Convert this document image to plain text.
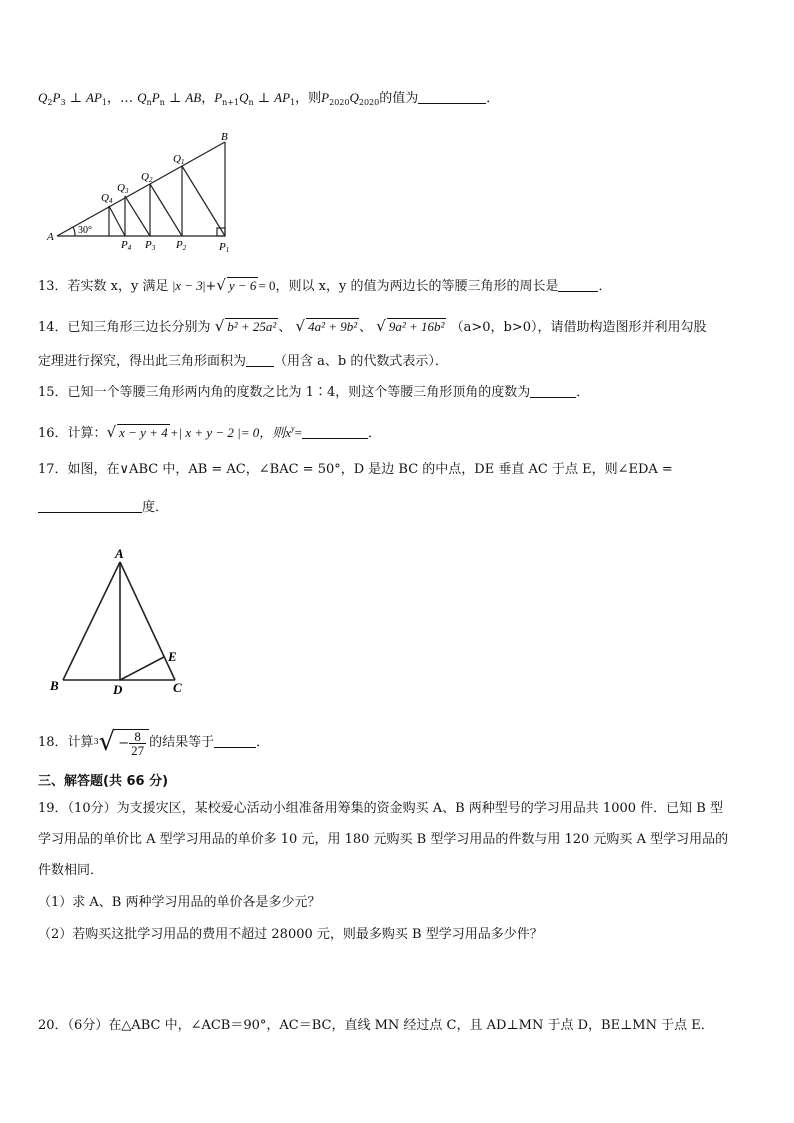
$Q_2P_3$ ⊥ $AP_1$，… $Q_nP_n$ ⊥ AB，$P_{n+1}Q_n$ ⊥ $AP_1$，则$P_{2020}Q_{2020}$的值为	．
A
30°
B
Q1
Q2
Q3
Q4
P1
P2
P3
P4
13．若实数 x，y 满足 |x − 3|+√ y − 6 = 0，则以 x，y 的值为两边长的等腰三角形的周长是	．
14．已知三角形三边长分别为 √ b² + 25a² 、 √ 4a² + 9b² 、 √ 9a² + 16b² （a>0，b>0），请借助构造图形并利用勾股
定理进行探究，得出此三角形面积为 （用含 a、b 的代数式表示）．
15．已知一个等腰三角形两内角的度数之比为 1∶4，则这个等腰三角形顶角的度数为	．
16．计算：√ x − y + 4 +| x + y − 2 |= 0，则$x^y=$	．
17．如图，在∨ABC 中，AB = AC，∠BAC = 50°，D 是边 BC 的中点，DE 垂直 AC 于点 E，则∠EDA =
度．
A
B	D	C
E
18．计算$^3√ - \frac{8}{27}$ 的结果等于	．
三、解答题(共 66 分)
19．（10分）为支援灾区，某校爱心活动小组准备用筹集的资金购买 A、B 两种型号的学习用品共 1000 件．已知 B 型
学习用品的单价比 A 型学习用品的单价多 10 元，用 180 元购买 B 型学习用品的件数与用 120 元购买 A 型学习用品的
件数相同．
（1）求 A、B 两种学习用品的单价各是多少元？
（2）若购买这批学习用品的费用不超过 28000 元，则最多购买 B 型学习用品多少件？
20．（6分）在△ABC 中，∠ACB＝90°，AC＝BC，直线 MN 经过点 C，且 AD⊥MN 于点 D，BE⊥MN 于点 E．
